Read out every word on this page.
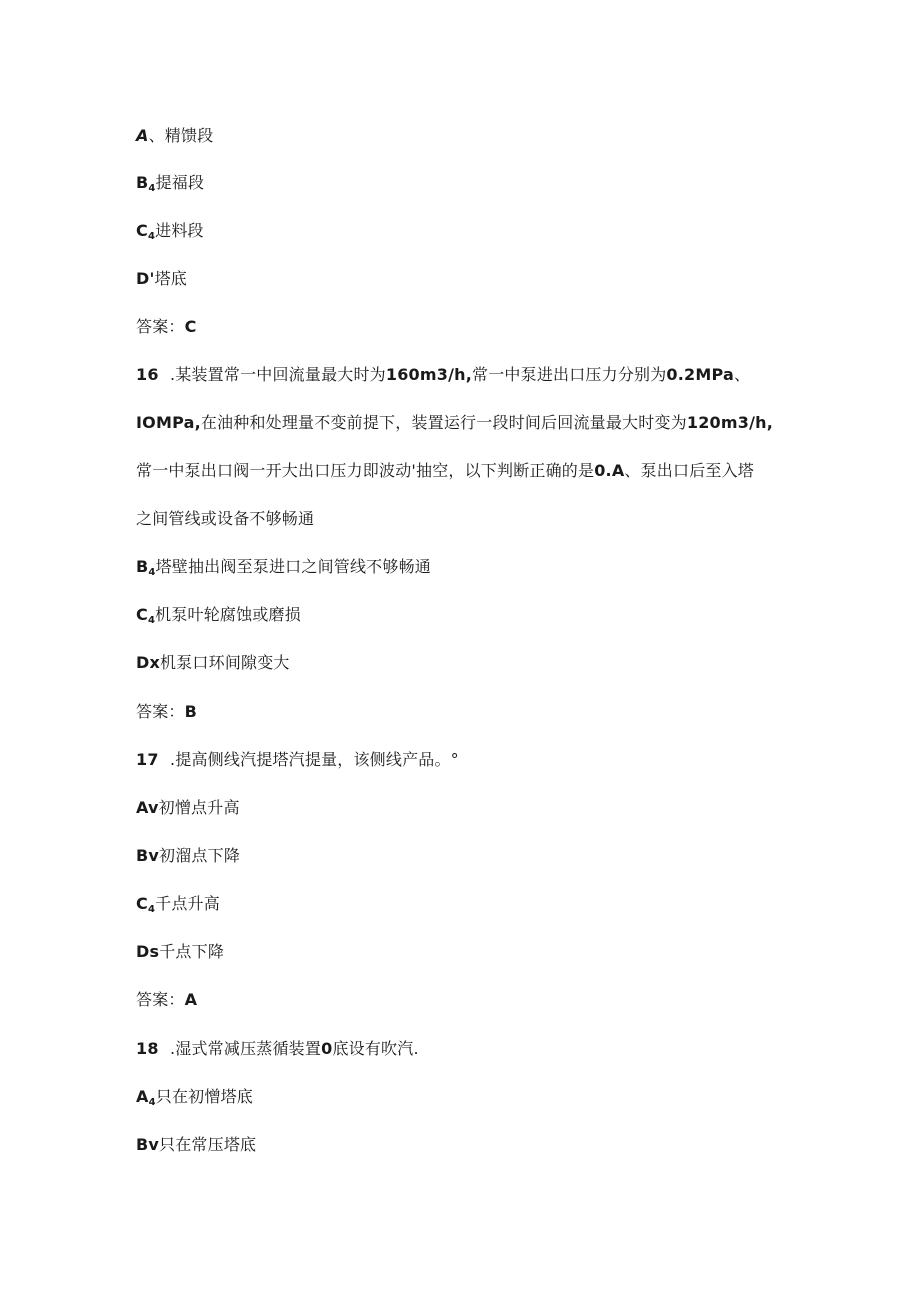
A、精馈段
$B_4$提福段
$C_4$进料段
D'塔底
答案：C
16 .某装置常一中回流量最大时为160m3/h,常一中泵进出口压力分别为0.2MPa、
IOMPa,在油种和处理量不变前提下，装置运行一段时间后回流量最大时变为120m3/h,
常一中泵出口阀一开大出口压力即波动'抽空，以下判断正确的是0.A、泵出口后至入塔
之间管线或设备不够畅通
$B_4$塔壁抽出阀至泵进口之间管线不够畅通
$C_4$机泵叶轮腐蚀或磨损
Dx机泵口环间隙变大
答案：B
17 .提高侧线汽提塔汽提量，该侧线产品。°
Av初憎点升高
Bv初溜点下降
$C_4$千点升高
Ds千点下降
答案：A
18 .湿式常减压蒸循装置0底设有吹汽.
$A_4$只在初憎塔底
Bv只在常压塔底
